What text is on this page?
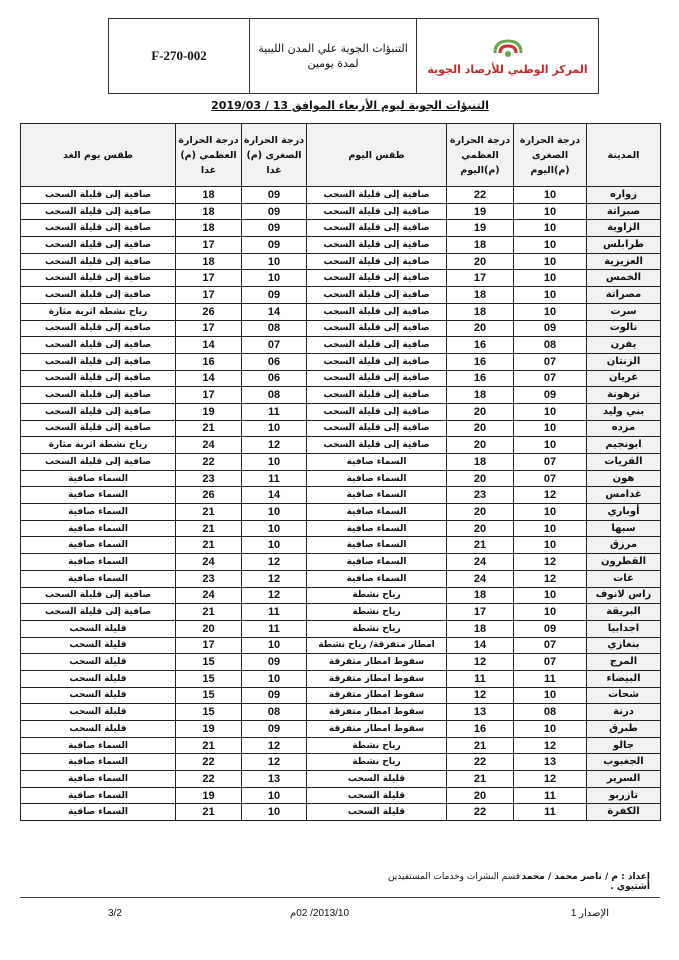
F-270-002	التنبؤات الجوية علي المدن الليبية
لمدة يومين	المركز الوطني للأرصاد الجوية
التنبؤات الجوية ليوم الأربعاء الموافق 13 / 2019/03
المدينة	درجة الحرارة الصغرى (م)اليوم	درجة الحرارة العظمي (م)اليوم	طقس اليوم	درجة الحرارة الصغرى (م) غدا	درجة الحرارة العظمي (م) غدا	طقس يوم الغد
زواره	10	22	صافية إلى قليلة السحب	09	18	صافية إلى قليلة السحب
صبراتة	10	19	صافية إلى قليلة السحب	09	18	صافية إلى قليلة السحب
الزاوية	10	19	صافية إلى قليلة السحب	09	18	صافية إلى قليلة السحب
طرابلس	10	18	صافية إلى قليلة السحب	09	17	صافية إلى قليلة السحب
العزيزية	10	20	صافية إلى قليلة السحب	10	18	صافية إلى قليلة السحب
الخمس	10	17	صافية إلى قليلة السحب	10	17	صافية إلى قليلة السحب
مصراتة	10	18	صافية إلى قليلة السحب	09	17	صافية إلى قليلة السحب
سرت	10	18	صافية إلى قليلة السحب	14	26	رياح نشطة اثربة مثارة
نالوت	09	20	صافية إلى قليلة السحب	08	17	صافية إلى قليلة السحب
يفرن	08	16	صافية إلى قليلة السحب	07	14	صافية إلى قليلة السحب
الزنتان	07	16	صافية إلى قليلة السحب	06	16	صافية إلى قليلة السحب
غريان	07	16	صافية إلى قليلة السحب	06	14	صافية إلى قليلة السحب
ترهونة	09	18	صافية إلى قليلة السحب	08	17	صافية إلى قليلة السحب
بني وليد	10	20	صافية إلى قليلة السحب	11	19	صافية إلى قليلة السحب
مزده	10	20	صافية إلى قليلة السحب	10	21	صافية إلى قليلة السحب
ابونجيم	10	20	صافية إلى قليلة السحب	12	24	رياح نشطة اثربة مثارة
القريات	07	18	السماء صافية	10	22	صافية إلى قليلة السحب
هون	07	20	السماء صافية	11	23	السماء صافية
غدامس	12	23	السماء صافية	14	26	السماء صافية
أوباري	10	20	السماء صافية	10	21	السماء صافية
سبها	10	20	السماء صافية	10	21	السماء صافية
مرزق	10	21	السماء صافية	10	21	السماء صافية
القطرون	12	24	السماء صافية	12	24	السماء صافية
غات	12	24	السماء صافية	12	23	السماء صافية
راس لانوف	10	18	رياح نشطة	12	24	صافية إلى قليلة السحب
البريقة	10	17	رياح نشطة	11	21	صافية إلى قليلة السحب
اجدابيا	09	18	رياح نشطة	11	20	قليلة السحب
بنغازي	07	14	امطار متفرقة/ رياح نشطة	10	17	قليلة السحب
المرج	07	12	سقوط امطار متفرقة	09	15	قليلة السحب
البيضاء	11	11	سقوط امطار متفرقة	10	15	قليلة السحب
شحات	10	12	سقوط امطار متفرقة	09	15	قليلة السحب
درنة	08	13	سقوط امطار متفرقة	08	15	قليلة السحب
طبرق	10	16	سقوط امطار متفرقة	09	19	قليلة السحب
جالو	12	21	رياح نشطة	12	21	السماء صافية
الجغبوب	13	22	رياح نشطة	12	22	السماء صافية
السرير	12	21	قليلة السحب	13	22	السماء صافية
تازربو	11	20	قليلة السحب	10	19	السماء صافية
الكفرة	11	22	قليلة السحب	10	21	السماء صافية
إعداد : م / ناصر محمد / محمد أشتيوي .
قسم النشرات وخدمات المستفيدين
الإصدار 1
2013/10/ 02م
3/2
